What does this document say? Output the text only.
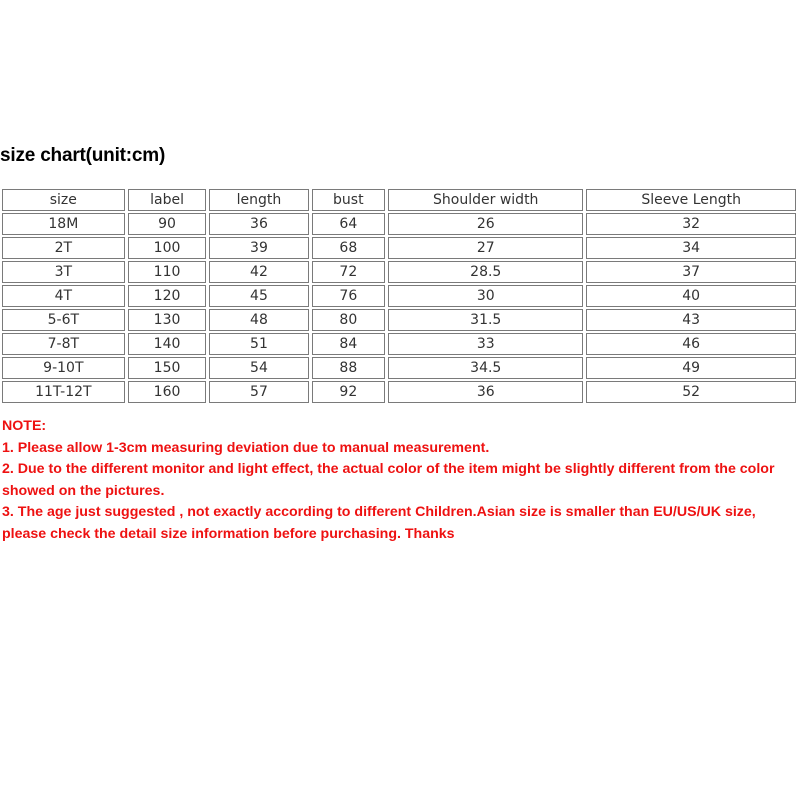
size chart(unit:cm)
size	label	length	bust	Shoulder width	Sleeve Length
18M	90	36	64	26	32
2T	100	39	68	27	34
3T	110	42	72	28.5	37
4T	120	45	76	30	40
5-6T	130	48	80	31.5	43
7-8T	140	51	84	33	46
9-10T	150	54	88	34.5	49
11T-12T	160	57	92	36	52

NOTE:

1. Please allow 1-3cm measuring deviation due to manual measurement.

2. Due to the different monitor and light effect, the actual color of the item might be slightly different from the color showed on the pictures.

3. The age just suggested , not exactly according to different Children.Asian size is smaller than EU/US/UK size, please check the detail size information before purchasing. Thanks
